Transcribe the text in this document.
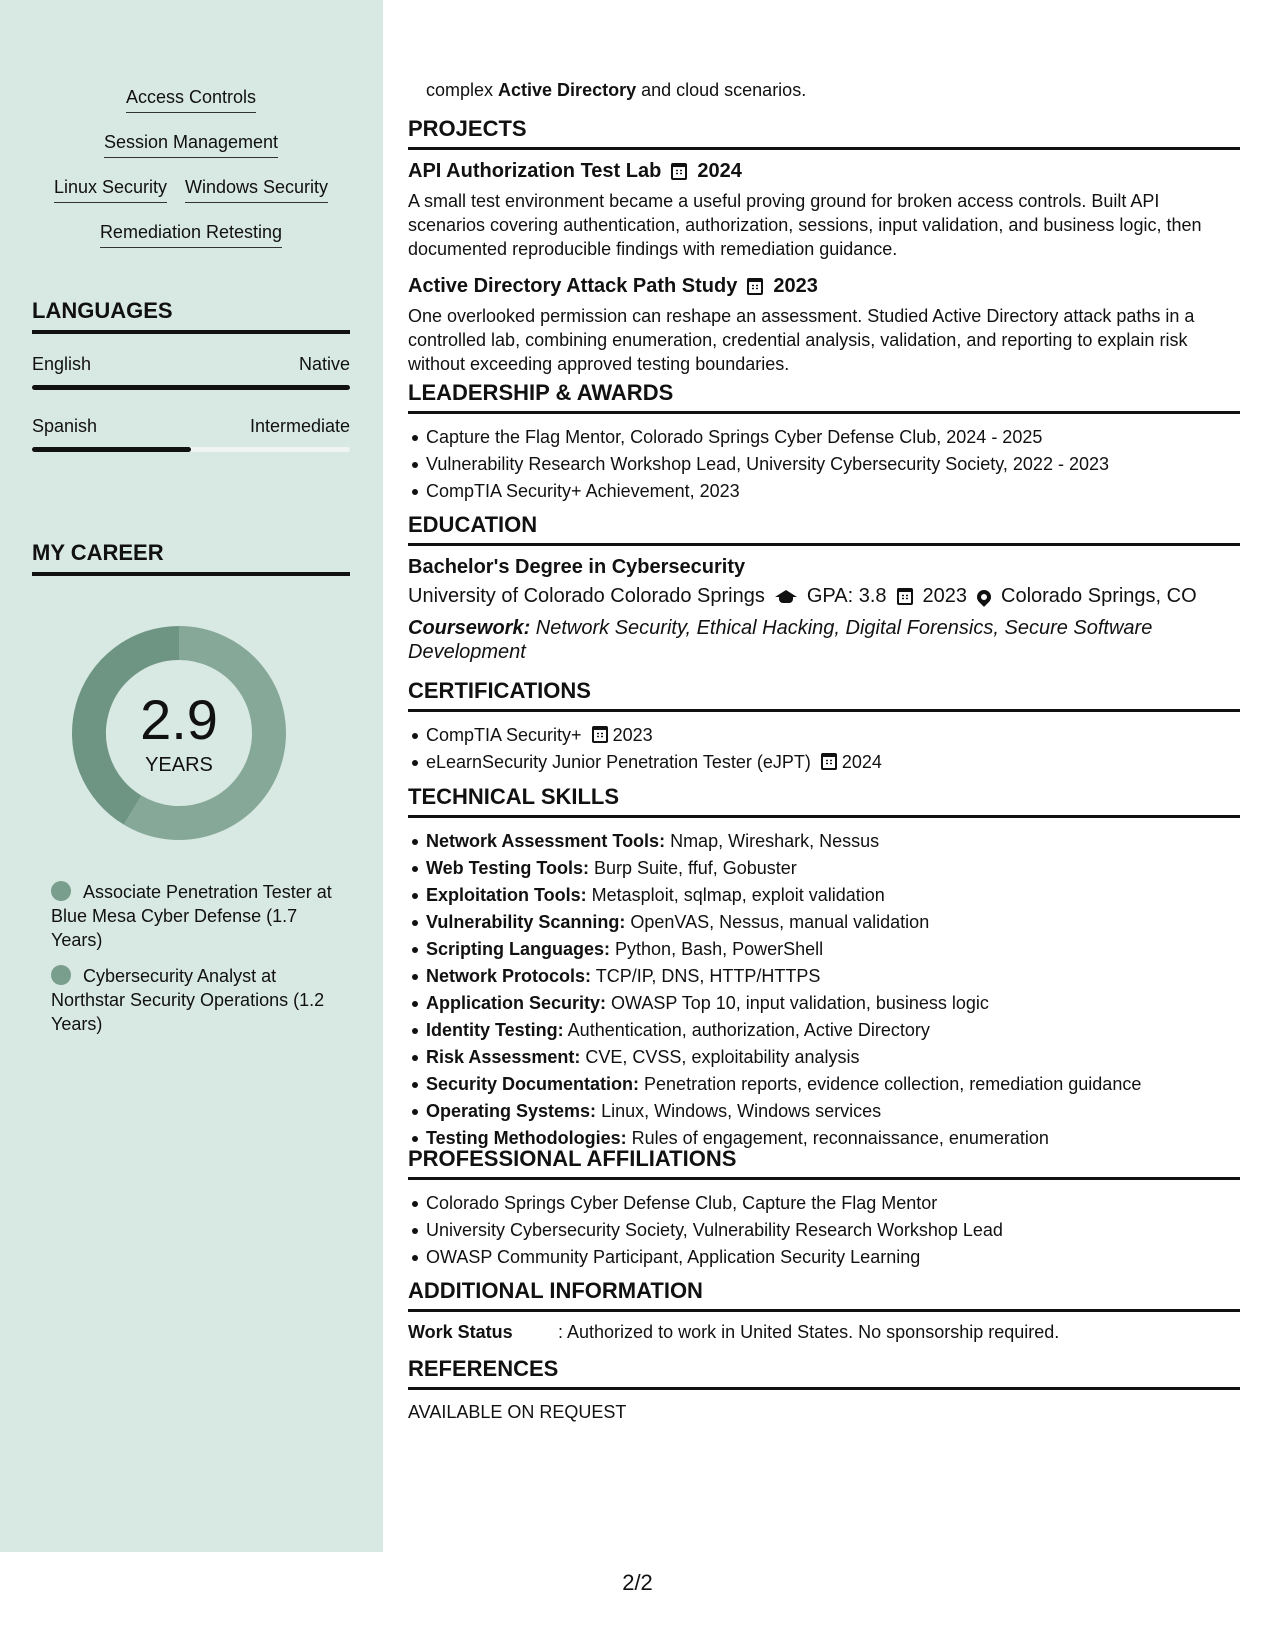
Access Controls
Session Management
Linux Security Windows Security
Remediation Retesting
LANGUAGES
English	Native
Spanish	Intermediate
MY CAREER
2.9
YEARS
Associate Penetration Tester at Blue Mesa Cyber Defense (1.7 Years)
Cybersecurity Analyst at Northstar Security Operations (1.2 Years)
complex Active Directory and cloud scenarios.
PROJECTS
API Authorization Test Lab 2024
A small test environment became a useful proving ground for broken access controls. Built API scenarios covering authentication, authorization, sessions, input validation, and business logic, then documented reproducible findings with remediation guidance.
Active Directory Attack Path Study 2023
One overlooked permission can reshape an assessment. Studied Active Directory attack paths in a controlled lab, combining enumeration, credential analysis, validation, and reporting to explain risk without exceeding approved testing boundaries.
LEADERSHIP & AWARDS
Capture the Flag Mentor, Colorado Springs Cyber Defense Club, 2024 - 2025
Vulnerability Research Workshop Lead, University Cybersecurity Society, 2022 - 2023
CompTIA Security+ Achievement, 2023
EDUCATION
Bachelor's Degree in Cybersecurity
University of Colorado Colorado Springs GPA: 3.8 2023 Colorado Springs, CO
Coursework: Network Security, Ethical Hacking, Digital Forensics, Secure Software Development
CERTIFICATIONS
CompTIA Security+ 2023
eLearnSecurity Junior Penetration Tester (eJPT) 2024
TECHNICAL SKILLS
Network Assessment Tools: Nmap, Wireshark, Nessus
Web Testing Tools: Burp Suite, ffuf, Gobuster
Exploitation Tools: Metasploit, sqlmap, exploit validation
Vulnerability Scanning: OpenVAS, Nessus, manual validation
Scripting Languages: Python, Bash, PowerShell
Network Protocols: TCP/IP, DNS, HTTP/HTTPS
Application Security: OWASP Top 10, input validation, business logic
Identity Testing: Authentication, authorization, Active Directory
Risk Assessment: CVE, CVSS, exploitability analysis
Security Documentation: Penetration reports, evidence collection, remediation guidance
Operating Systems: Linux, Windows, Windows services
Testing Methodologies: Rules of engagement, reconnaissance, enumeration
PROFESSIONAL AFFILIATIONS
Colorado Springs Cyber Defense Club, Capture the Flag Mentor
University Cybersecurity Society, Vulnerability Research Workshop Lead
OWASP Community Participant, Application Security Learning
ADDITIONAL INFORMATION
Work Status	: Authorized to work in United States. No sponsorship required.
REFERENCES
AVAILABLE ON REQUEST
2/2
